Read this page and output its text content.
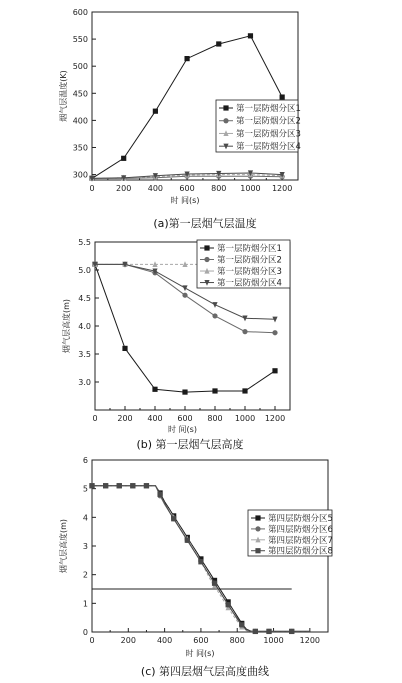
0	200 400 600 800 1000 1200
300
350
400
450
500
550
600
时 间(s)
烟气层温度(K)	第一层防烟分区1
第一层防烟分区2
第一层防烟分区3
第一层防烟分区4
(a)第一层烟气层温度
0 200 400 600 800 1000 1200
3.0
3.5
4.0
4.5
5.0
5.5
时 间(s)
烟气层高度(m)
第一层防烟分区1
第一层防烟分区2
第一层防烟分区3
第一层防烟分区4
(b) 第一层烟气层高度
0	200	400	600	800 1000 1200
0
1
2
3
4
5
6
时 间(s)
烟气层高度(m)	第四层防烟分区5
第四层防烟分区6
第四层防烟分区7
第四层防烟分区8
(c) 第四层烟气层高度曲线
